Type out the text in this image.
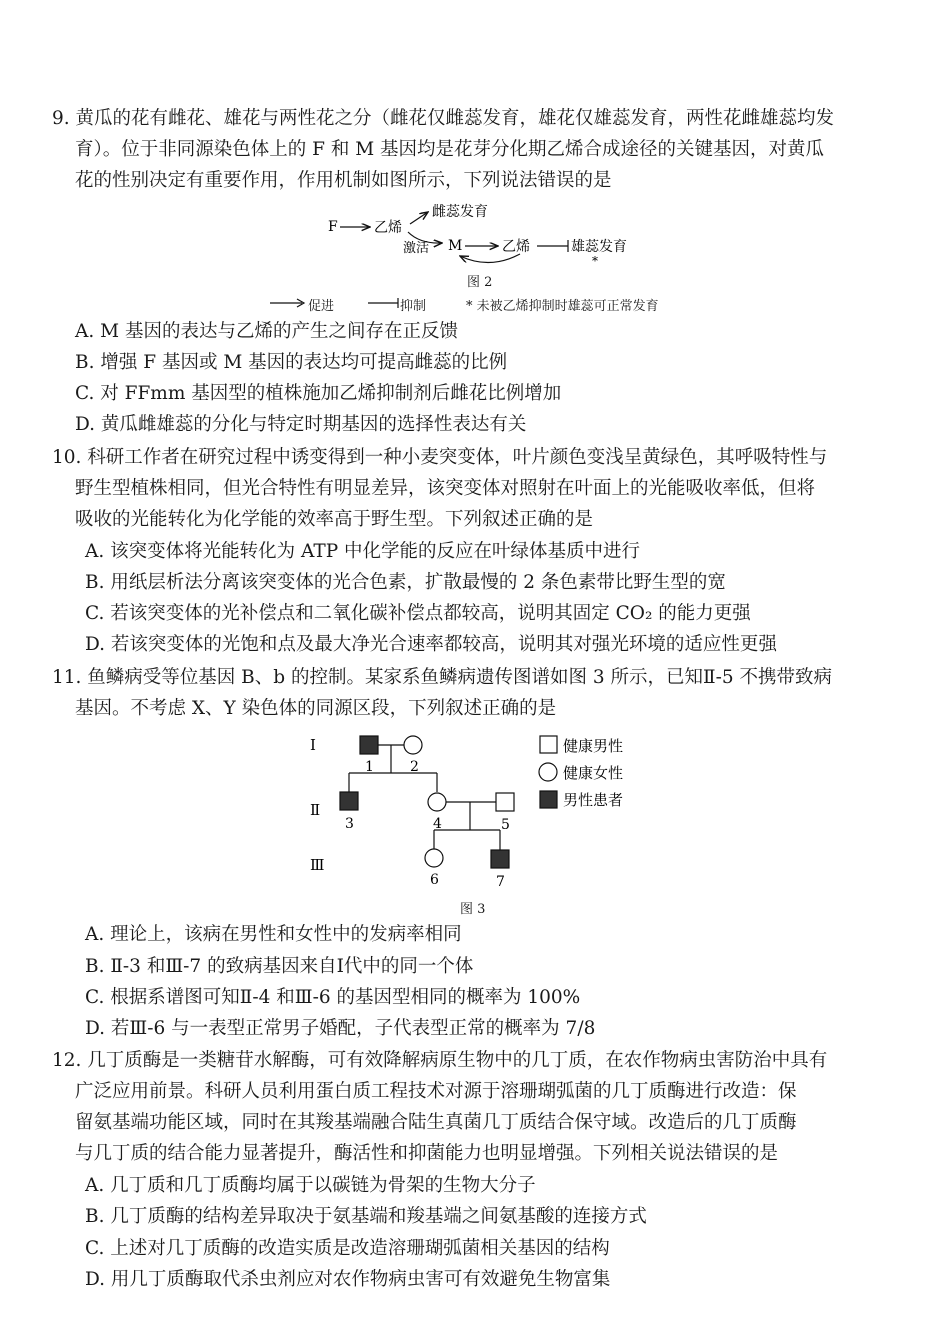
9. 黄瓜的花有雌花、雄花与两性花之分（雌花仅雌蕊发育，雄花仅雄蕊发育，两性花雌雄蕊均发
育）。位于非同源染色体上的 F 和 M 基因均是花芽分化期乙烯合成途径的关键基因，对黄瓜
花的性别决定有重要作用，作用机制如图所示，下列说法错误的是
F	乙烯
雌蕊发育
激活 M	乙烯	雄蕊发育
*
图 2
促进	抑制	* 未被乙烯抑制时雄蕊可正常发育
A. M 基因的表达与乙烯的产生之间存在正反馈
B. 增强 F 基因或 M 基因的表达均可提高雌蕊的比例
C. 对 FFmm 基因型的植株施加乙烯抑制剂后雌花比例增加
D. 黄瓜雌雄蕊的分化与特定时期基因的选择性表达有关
10. 科研工作者在研究过程中诱变得到一种小麦突变体，叶片颜色变浅呈黄绿色，其呼吸特性与
野生型植株相同，但光合特性有明显差异，该突变体对照射在叶面上的光能吸收率低，但将
吸收的光能转化为化学能的效率高于野生型。下列叙述正确的是
A. 该突变体将光能转化为 ATP 中化学能的反应在叶绿体基质中进行
B. 用纸层析法分离该突变体的光合色素，扩散最慢的 2 条色素带比野生型的宽
C. 若该突变体的光补偿点和二氧化碳补偿点都较高，说明其固定 CO₂ 的能力更强
D. 若该突变体的光饱和点及最大净光合速率都较高，说明其对强光环境的适应性更强
11. 鱼鳞病受等位基因 B、b 的控制。某家系鱼鳞病遗传图谱如图 3 所示，已知Ⅱ-5 不携带致病
基因。不考虑 X、Y 染色体的同源区段，下列叙述正确的是
Ⅰ
Ⅱ
Ⅲ
1	2
3	4	5
6	7
健康男性
健康女性
男性患者
图 3
A. 理论上，该病在男性和女性中的发病率相同
B. Ⅱ-3 和Ⅲ-7 的致病基因来自Ⅰ代中的同一个体
C. 根据系谱图可知Ⅱ-4 和Ⅲ-6 的基因型相同的概率为 100%
D. 若Ⅲ-6 与一表型正常男子婚配，子代表型正常的概率为 7/8
12. 几丁质酶是一类糖苷水解酶，可有效降解病原生物中的几丁质，在农作物病虫害防治中具有
广泛应用前景。科研人员利用蛋白质工程技术对源于溶珊瑚弧菌的几丁质酶进行改造：保
留氨基端功能区域，同时在其羧基端融合陆生真菌几丁质结合保守域。改造后的几丁质酶
与几丁质的结合能力显著提升，酶活性和抑菌能力也明显增强。下列相关说法错误的是
A. 几丁质和几丁质酶均属于以碳链为骨架的生物大分子
B. 几丁质酶的结构差异取决于氨基端和羧基端之间氨基酸的连接方式
C. 上述对几丁质酶的改造实质是改造溶珊瑚弧菌相关基因的结构
D. 用几丁质酶取代杀虫剂应对农作物病虫害可有效避免生物富集
